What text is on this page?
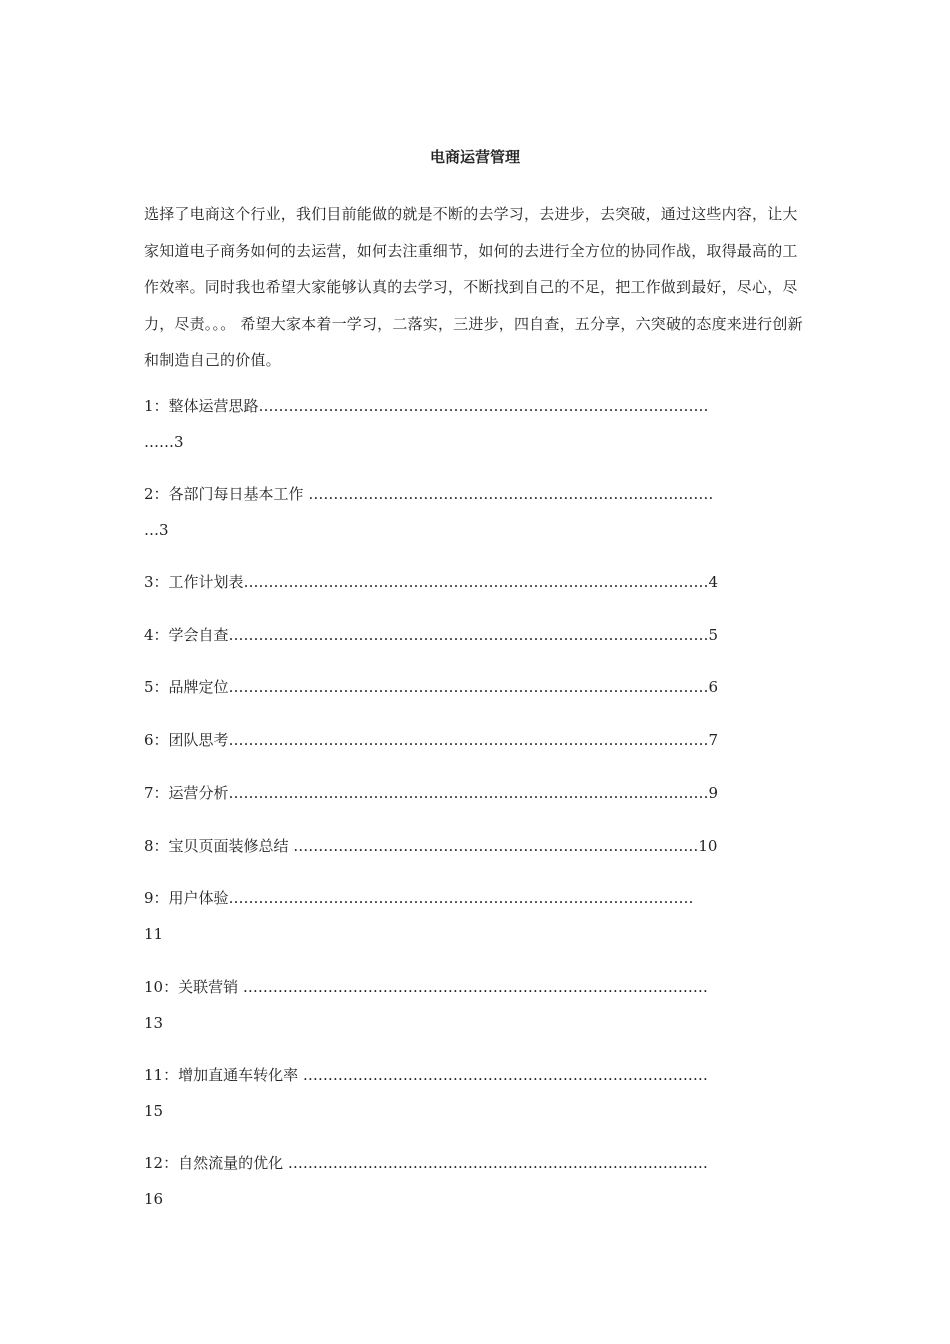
电商运营管理

选择了电商这个行业，我们目前能做的就是不断的去学习，去进步，去突破，通过这些内容，让大家知道电子商务如何的去运营，如何去注重细节，如何的去进行全方位的协同作战，取得最高的工作效率。同时我也希望大家能够认真的去学习，不断找到自己的不足，把工作做到最好，尽心，尽力，尽责。。。 希望大家本着一学习，二落实，三进步，四自查，五分享，六突破的态度来进行创新和制造自己的价值。

1：整体运营思路………………………………………………………………………………
……3
2：各部门每日基本工作 ………………………………………………………………………
…3
3：工作计划表…………………………………………………………………………………4
4：学会自查……………………………………………………………………………………5
5：品牌定位……………………………………………………………………………………6
6：团队思考……………………………………………………………………………………7
7：运营分析……………………………………………………………………………………9
8：宝贝页面装修总结 ………………………………………………………………………10
9：用户体验…………………………………………………………………………………
11
10：关联营销 …………………………………………………………………………………
13
11：增加直通车转化率 ………………………………………………………………………
15
12：自然流量的优化 …………………………………………………………………………
16
